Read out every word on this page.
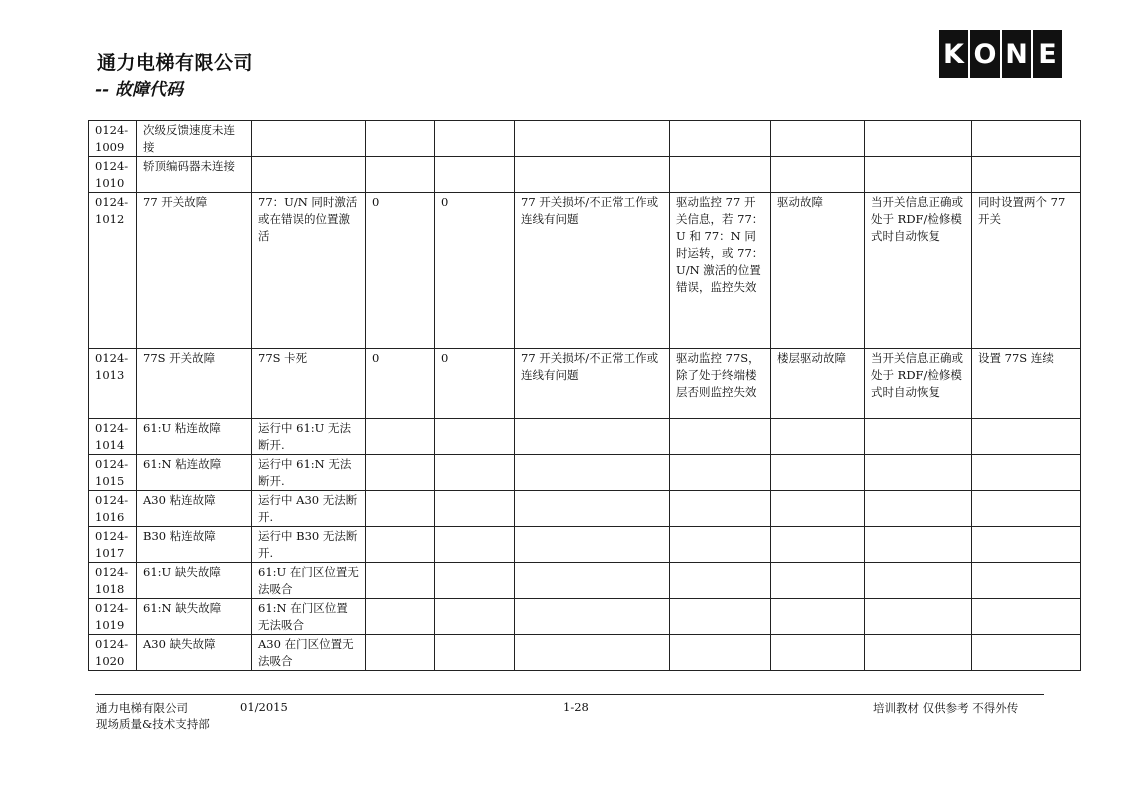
通力电梯有限公司
-- 故障代码
K O N E
0124-1009	次级反馈速度未连接								
0124-1010	轿顶编码器未连接								
0124-1012	77 开关故障	77：U/N 同时激活或在错误的位置激活	0	0	77 开关损坏/不正常工作或连线有问题	驱动监控 77 开关信息，若 77：U 和 77：N 同时运转，或 77：U/N 激活的位置错误，监控失效	驱动故障	当开关信息正确或处于 RDF/检修模式时自动恢复	同时设置两个 77 开关
0124-1013	77S 开关故障	77S 卡死	0	0	77 开关损坏/不正常工作或连线有问题	驱动监控 77S，除了处于终端楼层否则监控失效	楼层驱动故障	当开关信息正确或处于 RDF/检修模式时自动恢复	设置 77S 连续
0124-1014	61:U 粘连故障	运行中 61:U 无法断开.							
0124-1015	61:N 粘连故障	运行中 61:N 无法断开.							
0124-1016	A30 粘连故障	运行中 A30 无法断开.							
0124-1017	B30 粘连故障	运行中 B30 无法断开.							
0124-1018	61:U 缺失故障	61:U 在门区位置无法吸合							
0124-1019	61:N 缺失故障	61:N 在门区位置无法吸合							
0124-1020	A30 缺失故障	A30 在门区位置无法吸合							
通力电梯有限公司	01/2015	1-28
现场质量&技术支持部
培训教材 仅供参考 不得外传
